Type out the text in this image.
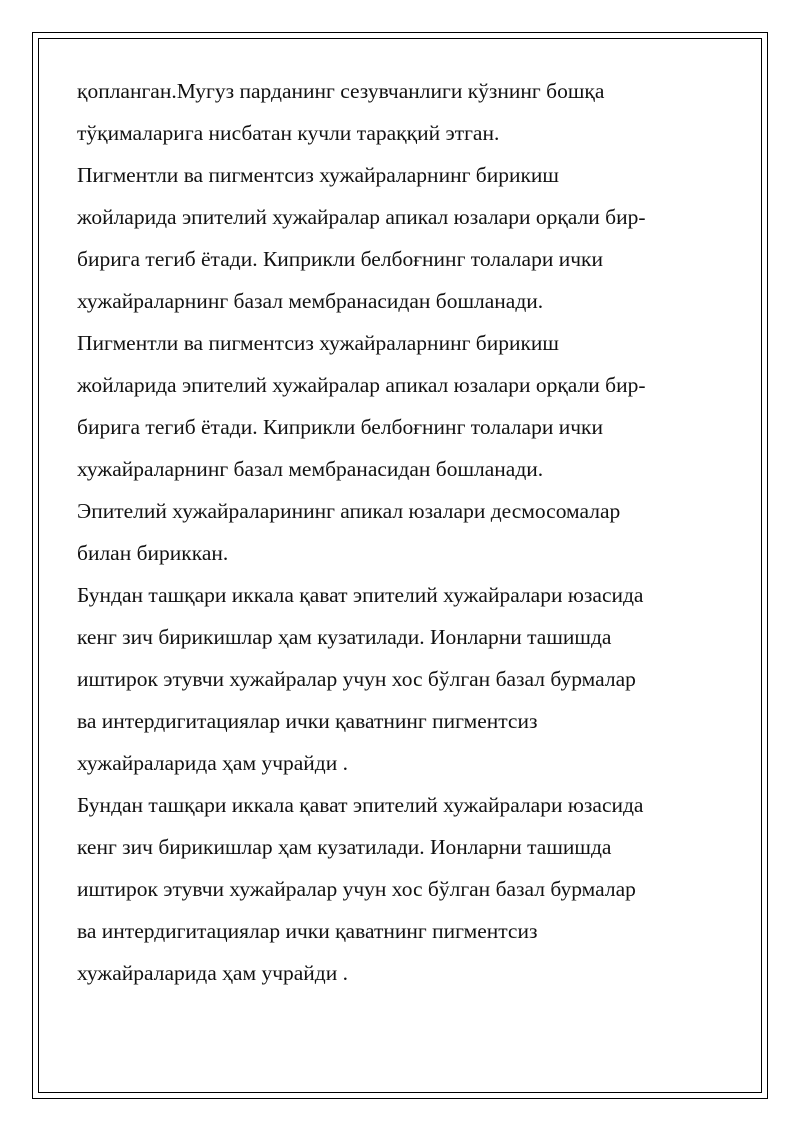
қопланган.Мугуз парданинг сезувчанлиги кўзнинг бошқа

тўқималарига нисбатан кучли тараққий этган.

Пигментли ва пигментсиз хужайраларнинг бирикиш

жойларида эпителий хужайралар апикал юзалари орқали бир-

бирига тегиб ётади. Киприкли белбоғнинг толалари ички

хужайраларнинг базал мембранасидан бошланади.

Пигментли ва пигментсиз хужайраларнинг бирикиш

жойларида эпителий хужайралар апикал юзалари орқали бир-

бирига тегиб ётади. Киприкли белбоғнинг толалари ички

хужайраларнинг базал мембранасидан бошланади.

Эпителий хужайраларининг апикал юзалари десмосомалар

билан бириккан.

Бундан ташқари иккала қават эпителий хужайралари юзасида

кенг зич бирикишлар ҳам кузатилади. Ионларни ташишда

иштирок этувчи хужайралар учун хос бўлган базал бурмалар

ва интердигитациялар ички қаватнинг пигментсиз

хужайраларида ҳам учрайди .

Бундан ташқари иккала қават эпителий хужайралари юзасида

кенг зич бирикишлар ҳам кузатилади. Ионларни ташишда

иштирок этувчи хужайралар учун хос бўлган базал бурмалар

ва интердигитациялар ички қаватнинг пигментсиз

хужайраларида ҳам учрайди .
